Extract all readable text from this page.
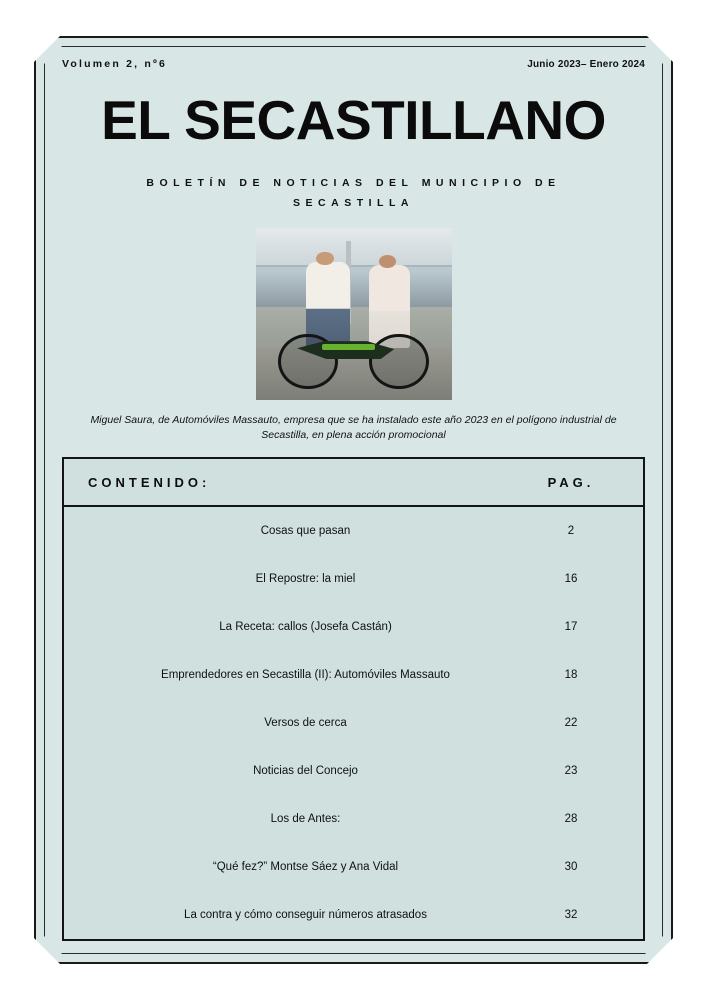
Volumen 2, nº6	Junio 2023– Enero 2024
EL SECASTILLANO
BOLETÍN DE NOTICIAS DEL MUNICIPIO DE SECASTILLA
Miguel Saura, de Automóviles Massauto, empresa que se ha instalado este año 2023 en el polígono industrial de Secastilla, en plena acción promocional
CONTENIDO:	PAG.
Cosas que pasan	2
El Repostre: la miel	16
La Receta: callos (Josefa Castán)	17
Emprendedores en Secastilla (II): Automóviles Massauto	18
Versos de cerca	22
Noticias del Concejo	23
Los de Antes:	28
“Qué fez?” Montse Sáez y Ana Vidal	30
La contra y cómo conseguir números atrasados	32
